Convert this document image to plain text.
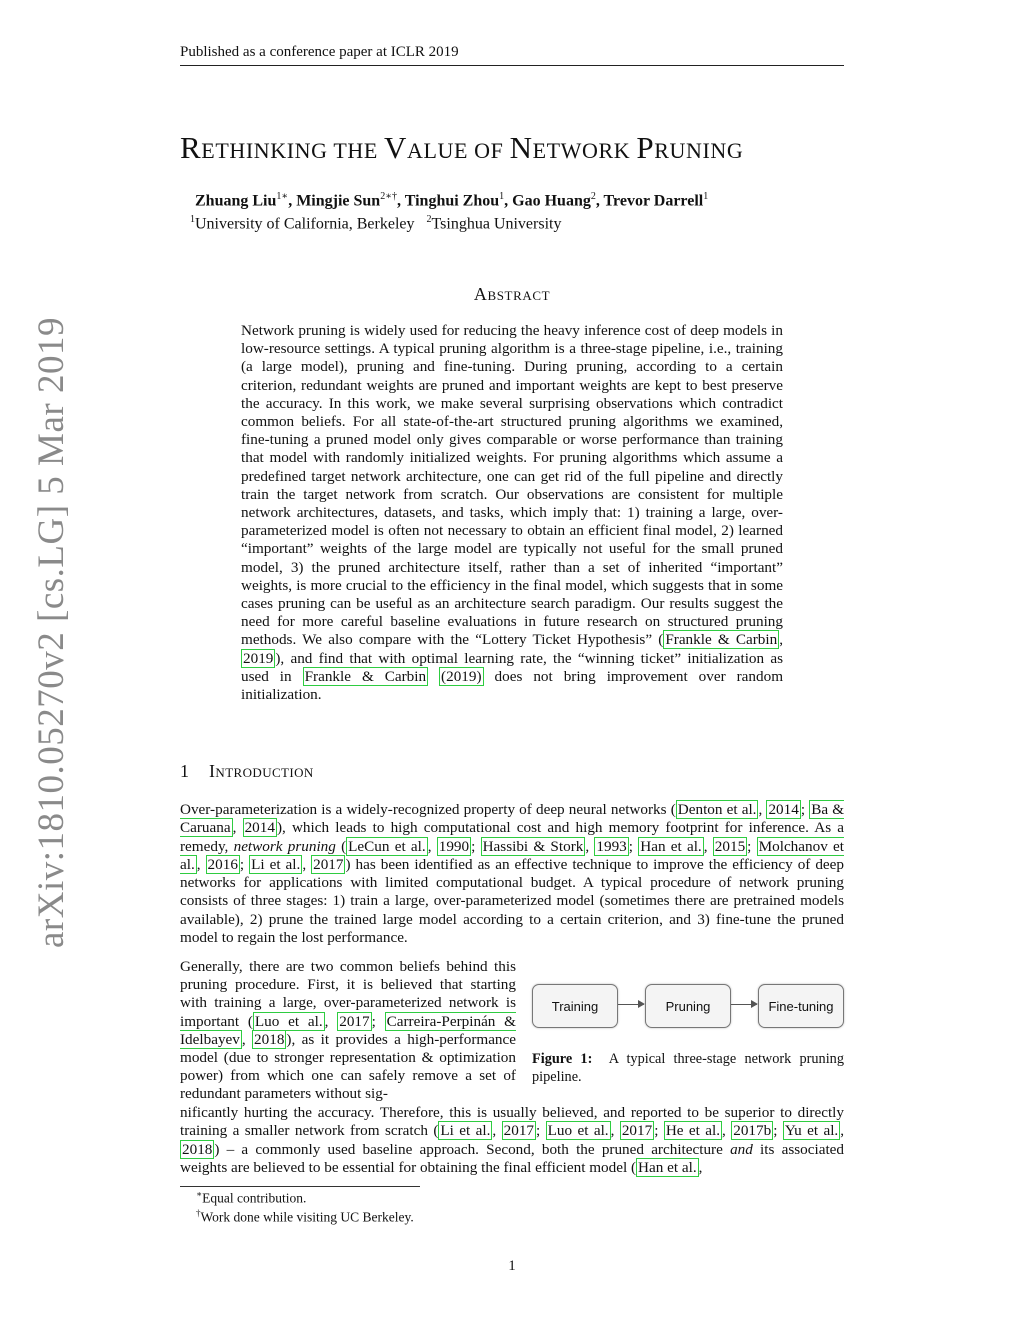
Published as a conference paper at ICLR 2019
arXiv:1810.05270v2 [cs.LG] 5 Mar 2019
RETHINKING THE VALUE OF NETWORK PRUNING
Zhuang Liu$^{1∗}$, Mingjie Sun$^{2∗\dagger}$, Tinghui Zhou$^1$, Gao Huang$^2$, Trevor Darrell$^1$
$^1$University of California, Berkeley $^2$Tsinghua University
ABSTRACT
Network pruning is widely used for reducing the heavy inference cost of deep models in low-resource settings. A typical pruning algorithm is a three-stage pipeline, i.e., training (a large model), pruning and fine-tuning. During pruning, according to a certain criterion, redundant weights are pruned and important weights are kept to best preserve the accuracy. In this work, we make several surprising observations which contradict common beliefs. For all state-of-the-art structured pruning algorithms we examined, fine-tuning a pruned model only gives comparable or worse performance than training that model with randomly initialized weights. For pruning algorithms which assume a predefined target network architecture, one can get rid of the full pipeline and directly train the target network from scratch. Our observations are consistent for multiple network architectures, datasets, and tasks, which imply that: 1) training a large, over-parameterized model is often not necessary to obtain an efficient final model, 2) learned “important” weights of the large model are typically not useful for the small pruned model, 3) the pruned architecture itself, rather than a set of inherited “important” weights, is more crucial to the efficiency in the final model, which suggests that in some cases pruning can be useful as an architecture search paradigm. Our results suggest the need for more careful baseline evaluations in future research on structured pruning methods. We also compare with the “Lottery Ticket Hypothesis” ( Frankle & Carbin , 2019 ), and find that with optimal learning rate, the “winning ticket” initialization as used in Frankle & Carbin (2019) does not bring improvement over random initialization.
1 INTRODUCTION
Over-parameterization is a widely-recognized property of deep neural networks ( Denton et al. , 2014 ; Ba & Caruana , 2014 ), which leads to high computational cost and high memory footprint for inference. As a remedy, network pruning ( LeCun et al. , 1990 ; Hassibi & Stork , 1993 ; Han et al. , 2015 ; Molchanov et al. , 2016 ; Li et al. , 2017 ) has been identified as an effective technique to improve the efficiency of deep networks for applications with limited computational budget. A typical procedure of network pruning consists of three stages: 1) train a large, over-parameterized model (sometimes there are pretrained models available), 2) prune the trained large model according to a certain criterion, and 3) fine-tune the pruned model to regain the lost performance.
Generally, there are two common beliefs behind this pruning procedure. First, it is believed that starting with training a large, over-parameterized network is important ( Luo et al. , 2017 ; Carreira-Perpinán & Idelbayev , 2018 ), as it provides a high-performance model (due to stronger representation & optimization power) from which one can safely remove a set of redundant parameters without sig-
Training	Pruning	Fine-tuning
Figure 1: A typical three-stage network pruning pipeline.
nificantly hurting the accuracy. Therefore, this is usually believed, and reported to be superior to directly training a smaller network from scratch ( Li et al. , 2017 ; Luo et al. , 2017 ; He et al. , 2017b ; Yu et al. , 2018 ) – a commonly used baseline approach. Second, both the pruned architecture and its associated weights are believed to be essential for obtaining the final efficient model ( Han et al. ,
∗Equal contribution.
†Work done while visiting UC Berkeley.
1
